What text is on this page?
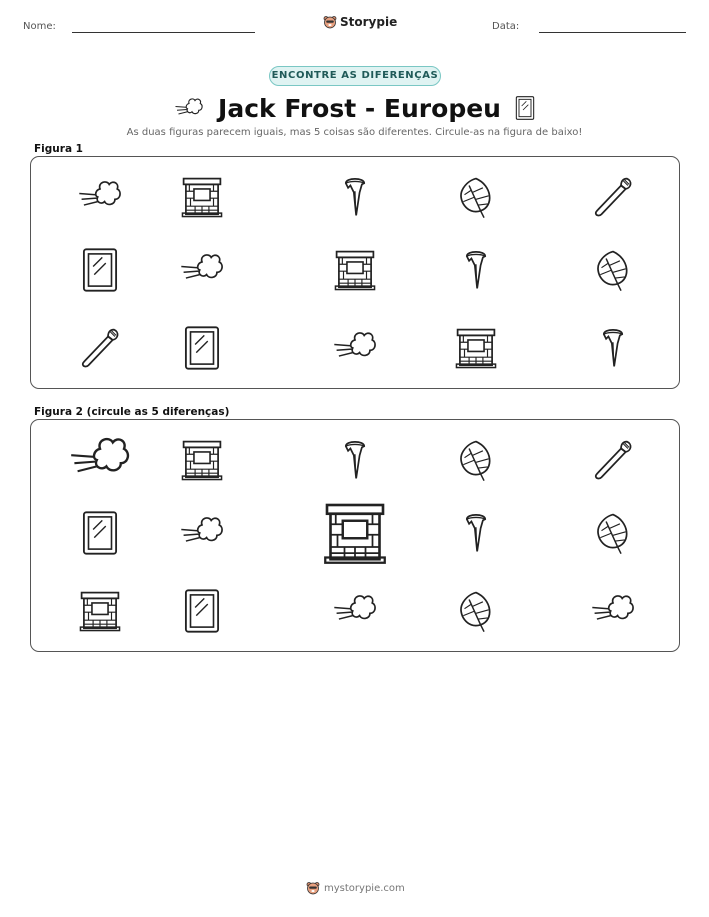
Nome:	Storypie	Data:
ENCONTRE AS DIFERENÇAS
Jack Frost - Europeu
As duas figuras parecem iguais, mas 5 coisas são diferentes. Circule-as na figura de baixo!
Figura 1
Figura 2 (circule as 5 diferenças)
mystorypie.com
